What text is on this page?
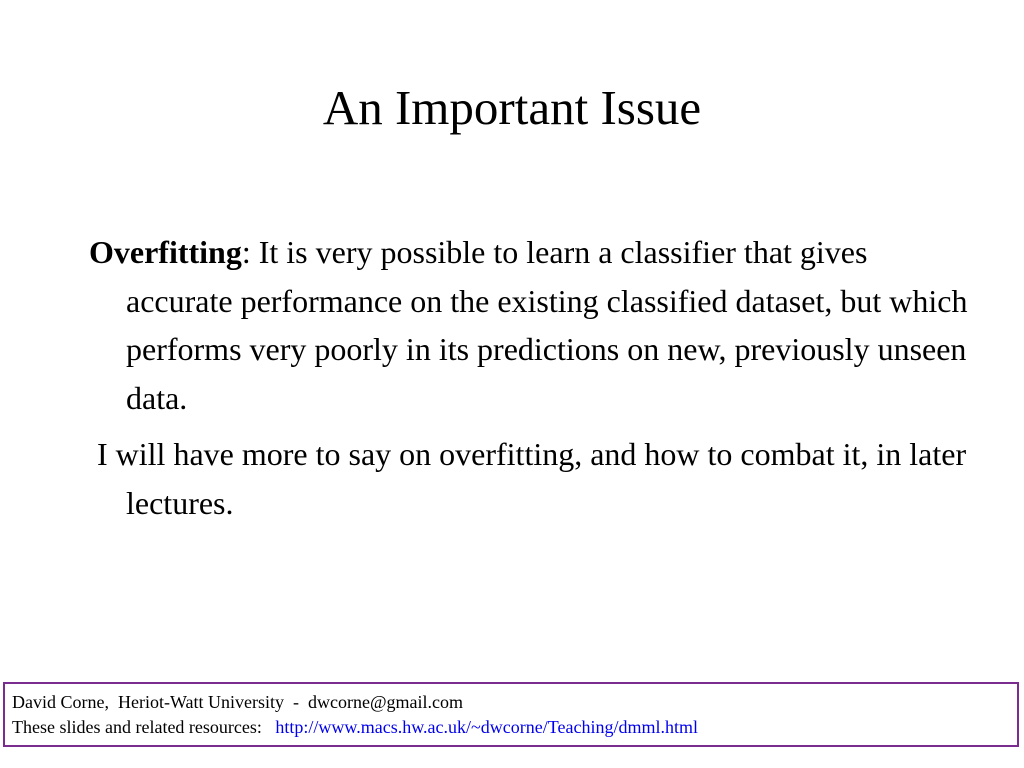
An Important Issue

Overfitting: It is very possible to learn a classifier that gives accurate performance on the existing classified dataset, but which performs very poorly in its predictions on new, previously unseen data.

I will have more to say on overfitting, and how to combat it, in later lectures.

David Corne,  Heriot-Watt University  -  dwcorne@gmail.com
These slides and related resources:   http://www.macs.hw.ac.uk/~dwcorne/Teaching/dmml.html
